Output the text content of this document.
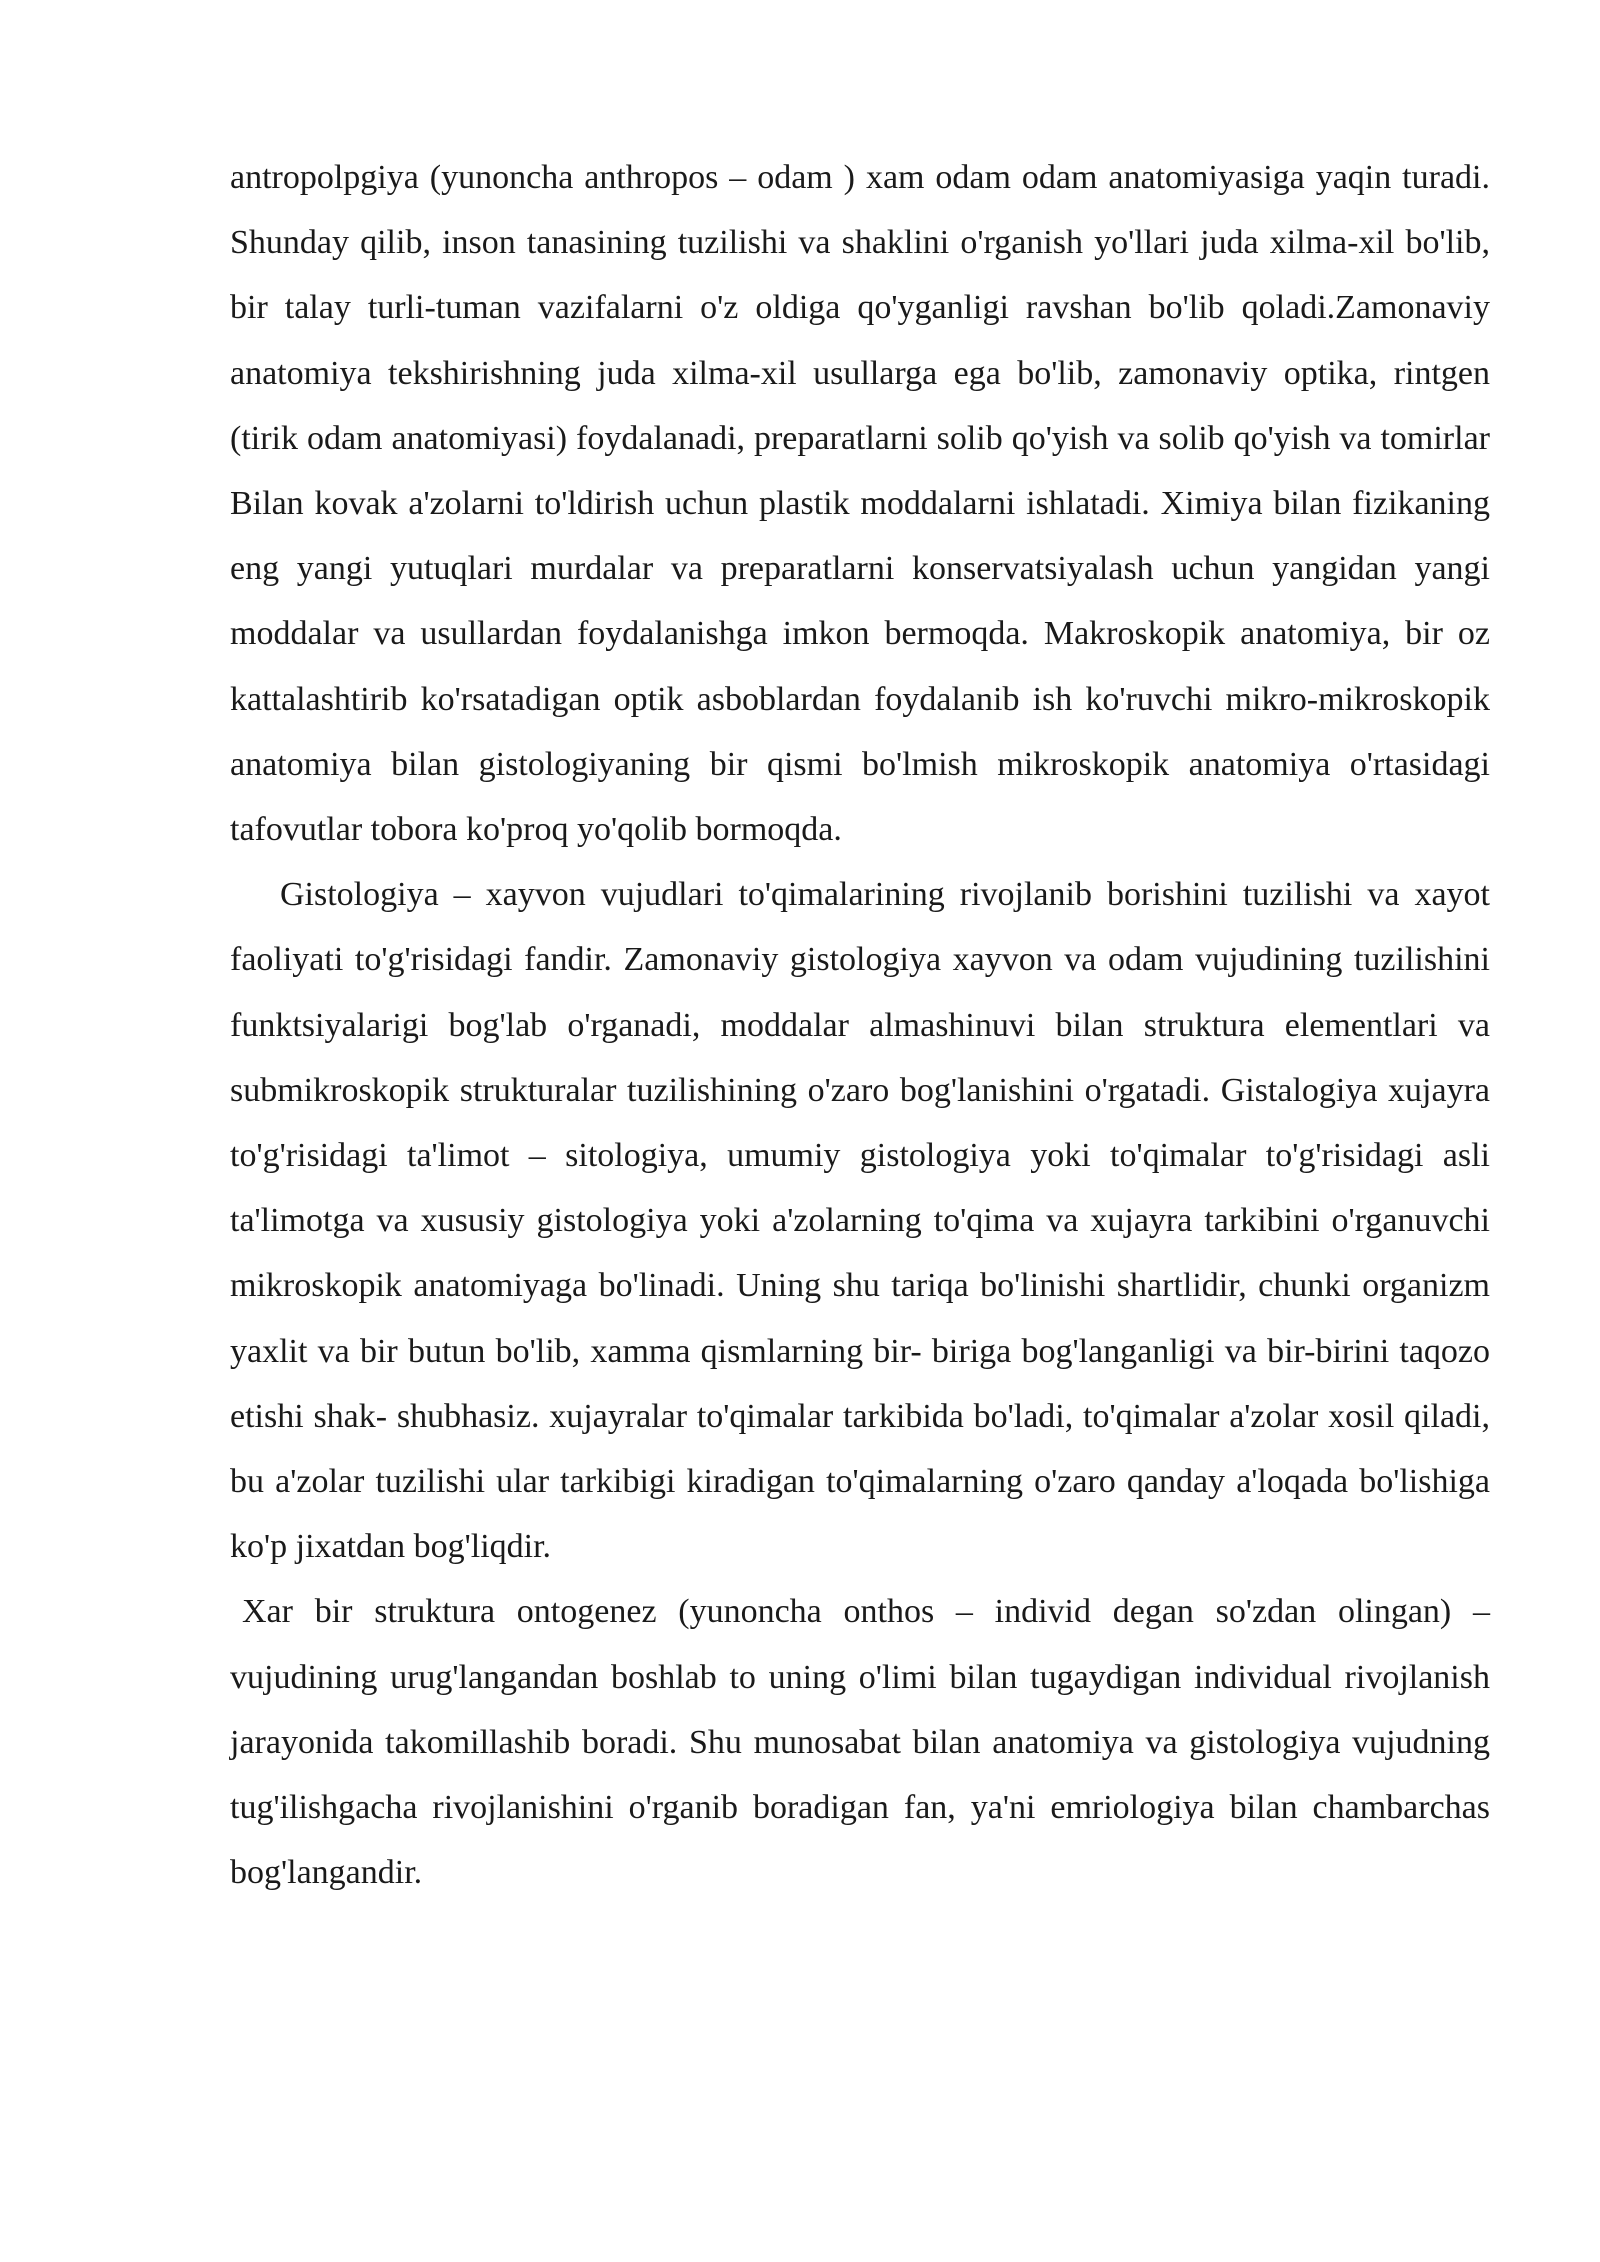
antropolpgiya (yunoncha anthropos – odam ) xam odam odam anatomiyasiga yaqin turadi. Shunday qilib, inson tanasining tuzilishi va shaklini o'rganish yo'llari juda xilma-xil bo'lib, bir talay turli-tuman vazifalarni o'z oldiga qo'yganligi ravshan bo'lib qoladi.Zamonaviy anatomiya tekshirishning juda xilma-xil usullarga ega bo'lib, zamonaviy optika, rintgen (tirik odam anatomiyasi) foydalanadi, preparatlarni solib qo'yish va solib qo'yish va tomirlar Bilan kovak a'zolarni to'ldirish uchun plastik moddalarni ishlatadi. Ximiya bilan fizikaning eng yangi yutuqlari murdalar va preparatlarni konservatsiyalash uchun yangidan yangi moddalar va usullardan foydalanishga imkon bermoqda. Makroskopik anatomiya, bir oz kattalashtirib ko'rsatadigan optik asboblardan foydalanib ish ko'ruvchi mikro-mikroskopik anatomiya bilan gistologiyaning bir qismi bo'lmish mikroskopik anatomiya o'rtasidagi tafovutlar tobora ko'proq yo'qolib bormoqda.

Gistologiya – xayvon vujudlari to'qimalarining rivojlanib borishini tuzilishi va xayot faoliyati to'g'risidagi fandir. Zamonaviy gistologiya xayvon va odam vujudining tuzilishini funktsiyalarigi bog'lab o'rganadi, moddalar almashinuvi bilan struktura elementlari va submikroskopik strukturalar tuzilishining o'zaro bog'lanishini o'rgatadi. Gistalogiya xujayra to'g'risidagi ta'limot – sitologiya, umumiy gistologiya yoki to'qimalar to'g'risidagi asli ta'limotga va xususiy gistologiya yoki a'zolarning to'qima va xujayra tarkibini o'rganuvchi mikroskopik anatomiyaga bo'linadi. Uning shu tariqa bo'linishi shartlidir, chunki organizm yaxlit va bir butun bo'lib, xamma qismlarning bir- biriga bog'langanligi va bir-birini taqozo etishi shak- shubhasiz. xujayralar to'qimalar tarkibida bo'ladi, to'qimalar a'zolar xosil qiladi, bu a'zolar tuzilishi ular tarkibigi kiradigan to'qimalarning o'zaro qanday a'loqada bo'lishiga ko'p jixatdan bog'liqdir.

Xar bir struktura ontogenez (yunoncha onthos – individ degan so'zdan olingan) – vujudining urug'langandan boshlab to uning o'limi bilan tugaydigan individual rivojlanish jarayonida takomillashib boradi. Shu munosabat bilan anatomiya va gistologiya vujudning tug'ilishgacha rivojlanishini o'rganib boradigan fan, ya'ni emriologiya bilan chambarchas bog'langandir.
